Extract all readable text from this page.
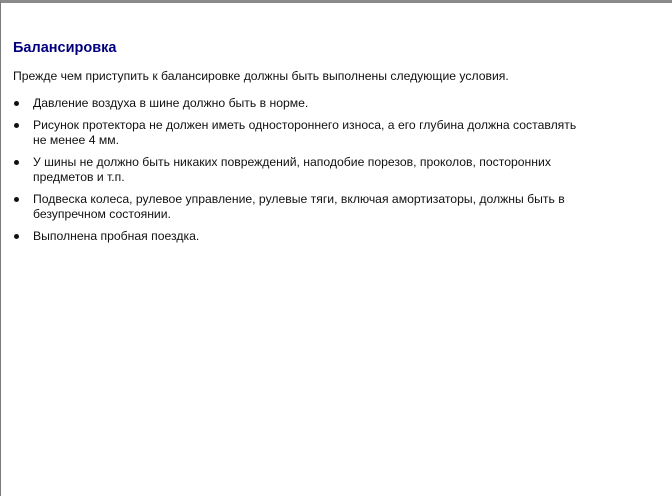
Балансировка

Прежде чем приступить к балансировке должны быть выполнены следующие условия.

Давление воздуха в шине должно быть в норме.
Рисунок протектора не должен иметь одностороннего износа, а его глубина должна составлять не менее 4 мм.
У шины не должно быть никаких повреждений, наподобие порезов, проколов, посторонних предметов и т.п.
Подвеска колеса, рулевое управление, рулевые тяги, включая амортизаторы, должны быть в безупречном состоянии.
Выполнена пробная поездка.
